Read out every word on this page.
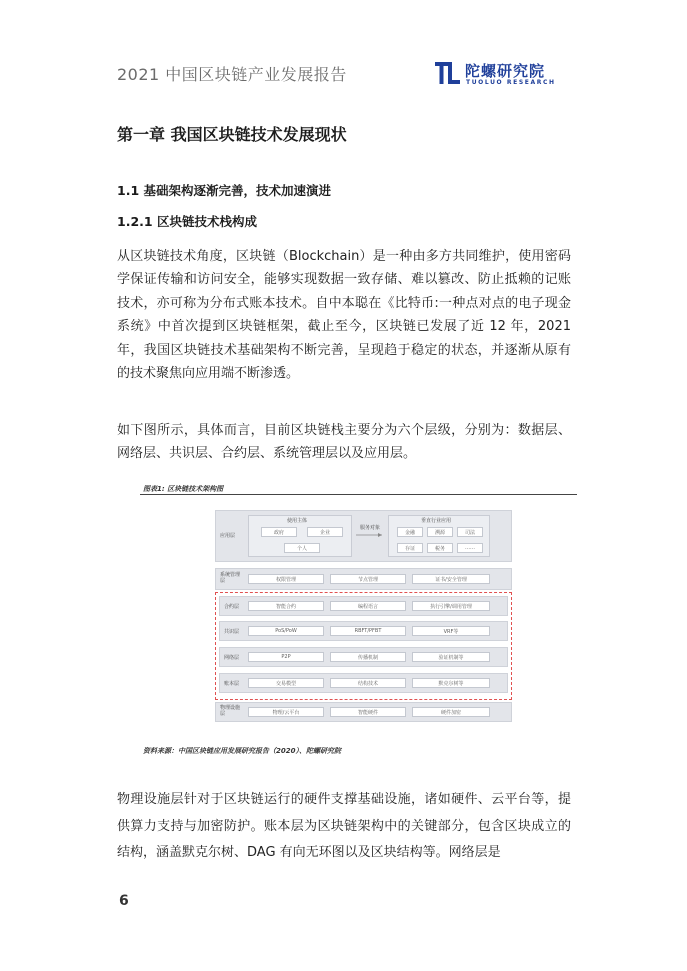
2021 中国区块链产业发展报告	陀螺研究院
TUOLUO RESEARCH
第一章 我国区块链技术发展现状
1.1 基础架构逐渐完善，技术加速演进
1.2.1 区块链技术栈构成
从区块链技术角度，区块链（Blockchain）是一种由多方共同维护，使用密码学保证传输和访问安全，能够实现数据一致存储、难以篡改、防止抵赖的记账技术，亦可称为分布式账本技术。自中本聪在《比特币:一种点对点的电子现金系统》中首次提到区块链框架，截止至今，区块链已发展了近 12 年，2021 年，我国区块链技术基础架构不断完善，呈现趋于稳定的状态，并逐渐从原有的技术聚焦向应用端不断渗透。
如下图所示，具体而言，目前区块链栈主要分为六个层级，分别为：数据层、网络层、共识层、合约层、系统管理层以及应用层。
图表1: 区块链技术架构图
应用层
使用主体
政府	企业
个人
服务对象
垂直行业应用
金融	溯源	司法
存证	税务	……
系统管理层	权限管理	节点管理	证书/安全管理
合约层	智能合约	编程语言	执行引擎/调用管理
共识层	PoS/PoW	RBFT/PFBT	VRF等
网络层	P2P	传播机制	验证机制等
账本层	交易模型	结构技术	默克尔树等
物理设施层	物理/云平台	智能硬件	硬件加密
资料来源：中国区块链应用发展研究报告（2020）、陀螺研究院
物理设施层针对于区块链运行的硬件支撑基础设施，诸如硬件、云平台等，提供算力支持与加密防护。账本层为区块链架构中的关键部分，包含区块成立的结构，涵盖默克尔树、DAG 有向无环图以及区块结构等。网络层是
6
